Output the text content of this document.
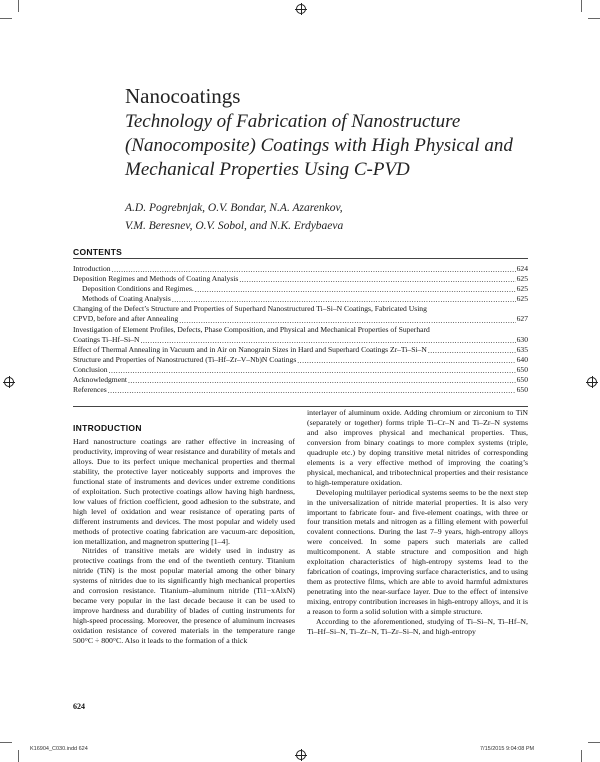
Nanocoatings
Technology of Fabrication of Nanostructure (Nanocomposite) Coatings with High Physical and Mechanical Properties Using C-PVD
A.D. Pogrebnjak, O.V. Bondar, N.A. Azarenkov,
V.M. Beresnev, O.V. Sobol, and N.K. Erdybaeva
CONTENTS
Introduction .....	624
Deposition Regimes and Methods of Coating Analysis .....	625
Deposition Conditions and Regimes. .....	625
Methods of Coating Analysis .....	625
Changing of the Defect’s Structure and Properties of Superhard Nanostructured Ti–Si–N Coatings, Fabricated Using
CPVD, before and after Annealing .....	627
Investigation of Element Profiles, Defects, Phase Composition, and Physical and Mechanical Properties of Superhard
Coatings Ti–Hf–Si–N .....	630
Effect of Thermal Annealing in Vacuum and in Air on Nanograin Sizes in Hard and Superhard Coatings Zr–Ti–Si–N .....	635
Structure and Properties of Nanostructured (Ti–Hf–Zr–V–Nb)N Coatings .....	640
Conclusion .....	650
Acknowledgment .....	650
References .....	650
INTRODUCTION

Hard nanostructure coatings are rather effective in increasing of productivity, improving of wear resistance and durability of metals and alloys. Due to its perfect unique mechanical properties and thermal stability, the protective layer noticeably supports and improves the functional state of instruments and devices under extreme conditions of exploitation. Such protective coatings allow having high hardness, low values of friction coefficient, good adhesion to the substrate, and high level of oxidation and wear resistance of operating parts of different instruments and devices. The most popular and widely used methods of protective coating fabrication are vacuum-arc deposition, ion metallization, and magnetron sputtering [1–4].

Nitrides of transitive metals are widely used in industry as protective coatings from the end of the twentieth century. Titanium nitride (TiN) is the most popular material among the other binary systems of nitrides due to its significantly high mechanical properties and corrosion resistance. Titanium–aluminum nitride (Ti1−xAlxN) became very popular in the last decade because it can be used to improve hardness and durability of blades of cutting instruments for high-speed processing. Moreover, the presence of aluminum increases oxidation resistance of covered materials in the temperature range 500°C ÷ 800°C. Also it leads to the formation of a thick

interlayer of aluminum oxide. Adding chromium or zirconium to TiN (separately or together) forms triple Ti–Cr–N and Ti–Zr–N systems and also improves physical and mechanical properties. Thus, conversion from binary coatings to more complex systems (triple, quadruple etc.) by doping transitive metal nitrides of corresponding elements is a very effective method of improving the coating’s physical, mechanical, and tribotechnical properties and their resistance to high-temperature oxidation.

Developing multilayer periodical systems seems to be the next step in the universalization of nitride material properties. It is also very important to fabricate four- and five-element coatings, with three or four transition metals and nitrogen as a filling element with powerful covalent connections. During the last 7–9 years, high-entropy alloys were conceived. In some papers such materials are called multicomponent. A stable structure and composition and high exploitation characteristics of high-entropy systems lead to the fabrication of coatings, improving surface characteristics, and to using them as protective films, which are able to avoid harmful admixtures penetrating into the near-surface layer. Due to the effect of intensive mixing, entropy contribution increases in high-entropy alloys, and it is a reason to form a solid solution with a simple structure.

According to the aforementioned, studying of Ti–Si–N, Ti–Hf–N, Ti–Hf–Si–N, Ti–Zr–N, Ti–Zr–Si–N, and high-entropy

624
K16904_C030.indd 624	7/15/2015 9:04:08 PM
